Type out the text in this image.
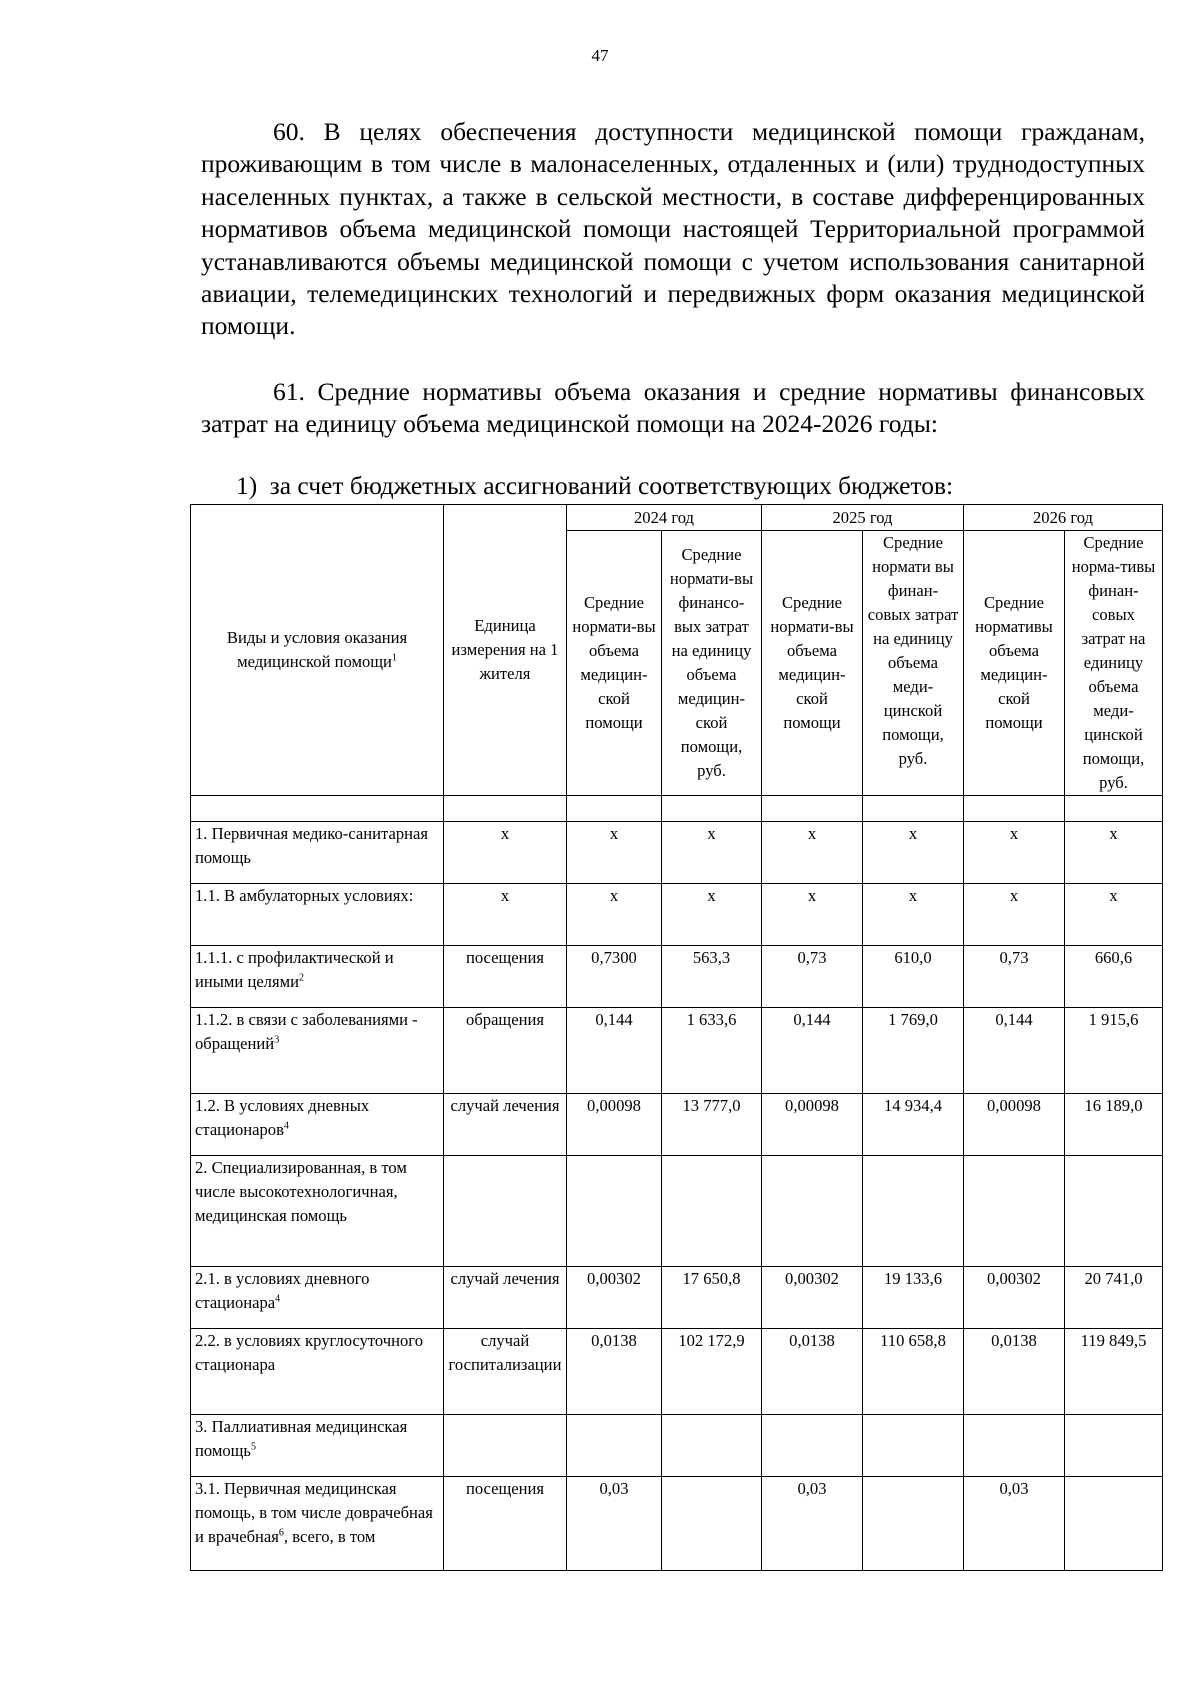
47

60. В целях обеспечения доступности медицинской помощи гражданам, проживающим в том числе в малонаселенных, отдаленных и (или) труднодоступных населенных пунктах, а также в сельской местности, в составе дифференцированных нормативов объема медицинской помощи настоящей Территориальной программой устанавливаются объемы медицинской помощи с учетом использования санитарной авиации, телемедицинских технологий и передвижных форм оказания медицинской помощи.

61. Средние нормативы объема оказания и средние нормативы финансовых затрат на единицу объема медицинской помощи на 2024-2026 годы:

1) за счет бюджетных ассигнований соответствующих бюджетов:
Виды и условия оказания медицинской помощи$^1$	Единица измерения на 1 жителя	2024 год		2025 год		2026 год	
		Средние нормати-вы объема медицин-ской помощи	Средние нормати-вы финансо-вых затрат на единицу объема медицин-ской помощи, руб.	Средние нормати-вы объема медицин-ской помощи	Средние нормати вы финан-совых затрат на единицу объема меди-цинской помощи, руб.	Средние нормативы объема медицин-ской помощи	Средние норма-тивы финан-совых затрат на единицу объема меди-цинской помощи, руб.

1. Первичная медико-санитарная помощь	х	х	х	х	х	х	х
1.1. В амбулаторных условиях:	х	х	х	х	х	х	х
1.1.1. с профилактической и иными целями$^2$	посещения	0,7300	563,3	0,73	610,0	0,73	660,6
1.1.2. в связи с заболеваниями - обращений$^3$	обращения	0,144	1 633,6	0,144	1 769,0	0,144	1 915,6
1.2. В условиях дневных стационаров$^4$	случай лечения	0,00098	13 777,0	0,00098	14 934,4	0,00098	16 189,0
2. Специализированная, в том числе высокотехнологичная, медицинская помощь							
2.1. в условиях дневного стационара$^4$	случай лечения	0,00302	17 650,8	0,00302	19 133,6	0,00302	20 741,0
2.2. в условиях круглосуточного стационара	случай госпитализации	0,0138	102 172,9	0,0138	110 658,8	0,0138	119 849,5
3. Паллиативная медицинская помощь$^5$							
3.1. Первичная медицинская помощь, в том числе доврачебная и врачебная$^6$, всего, в том	посещения	0,03		0,03		0,03	
